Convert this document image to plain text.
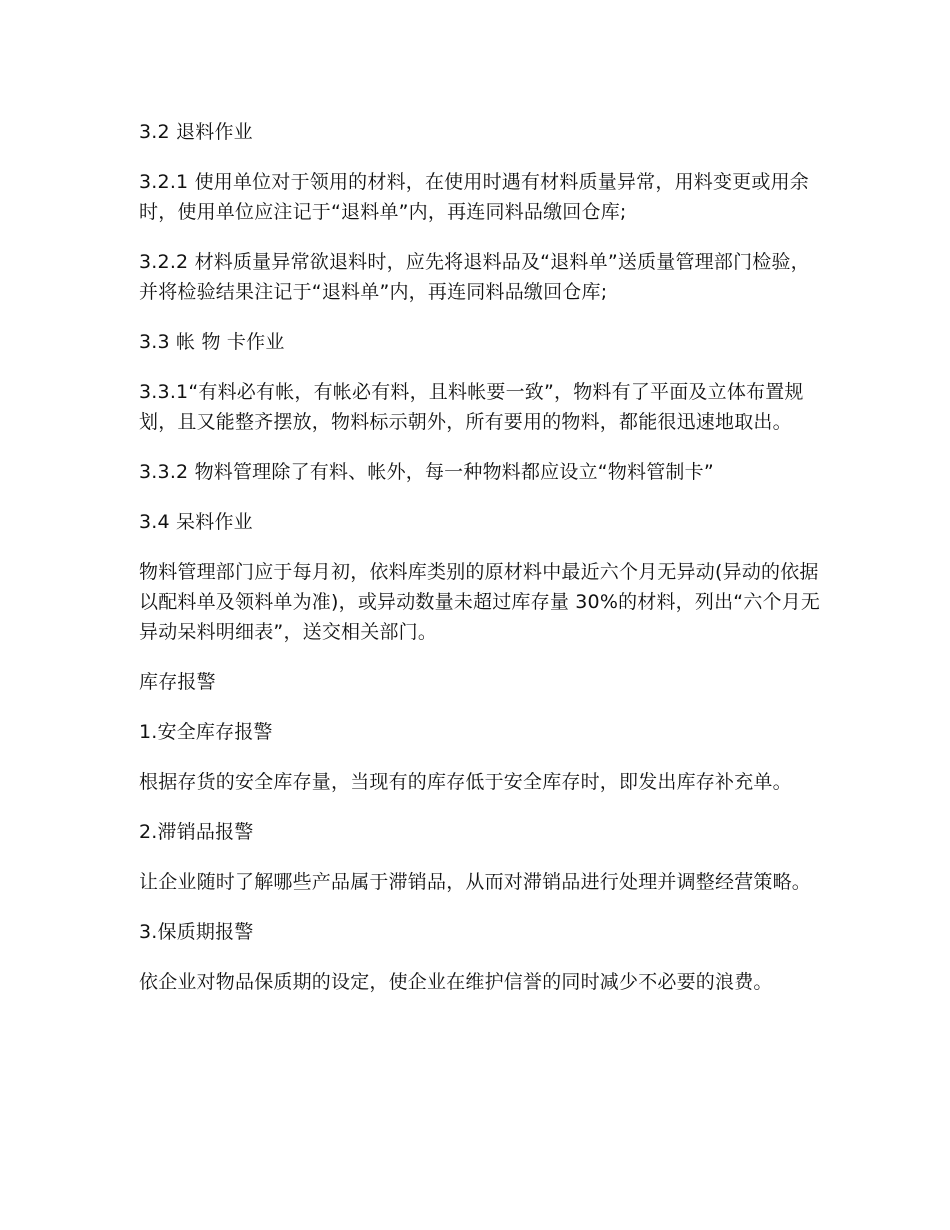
3.2 退料作业

3.2.1 使用单位对于领用的材料，在使用时遇有材料质量异常，用料变更或用余时，使用单位应注记于“退料单”内，再连同料品缴回仓库;

3.2.2 材料质量异常欲退料时，应先将退料品及“退料单”送质量管理部门检验，并将检验结果注记于“退料单”内，再连同料品缴回仓库;

3.3 帐 物 卡作业

3.3.1“有料必有帐，有帐必有料，且料帐要一致”，物料有了平面及立体布置规划，且又能整齐摆放，物料标示朝外，所有要用的物料，都能很迅速地取出。

3.3.2 物料管理除了有料、帐外，每一种物料都应设立“物料管制卡”

3.4 呆料作业

物料管理部门应于每月初，依料库类别的原材料中最近六个月无异动(异动的依据以配料单及领料单为准)，或异动数量未超过库存量 30%的材料，列出“六个月无异动呆料明细表”，送交相关部门。

库存报警

1.安全库存报警

根据存货的安全库存量，当现有的库存低于安全库存时，即发出库存补充单。

2.滞销品报警

让企业随时了解哪些产品属于滞销品，从而对滞销品进行处理并调整经营策略。

3.保质期报警

依企业对物品保质期的设定，使企业在维护信誉的同时减少不必要的浪费。
